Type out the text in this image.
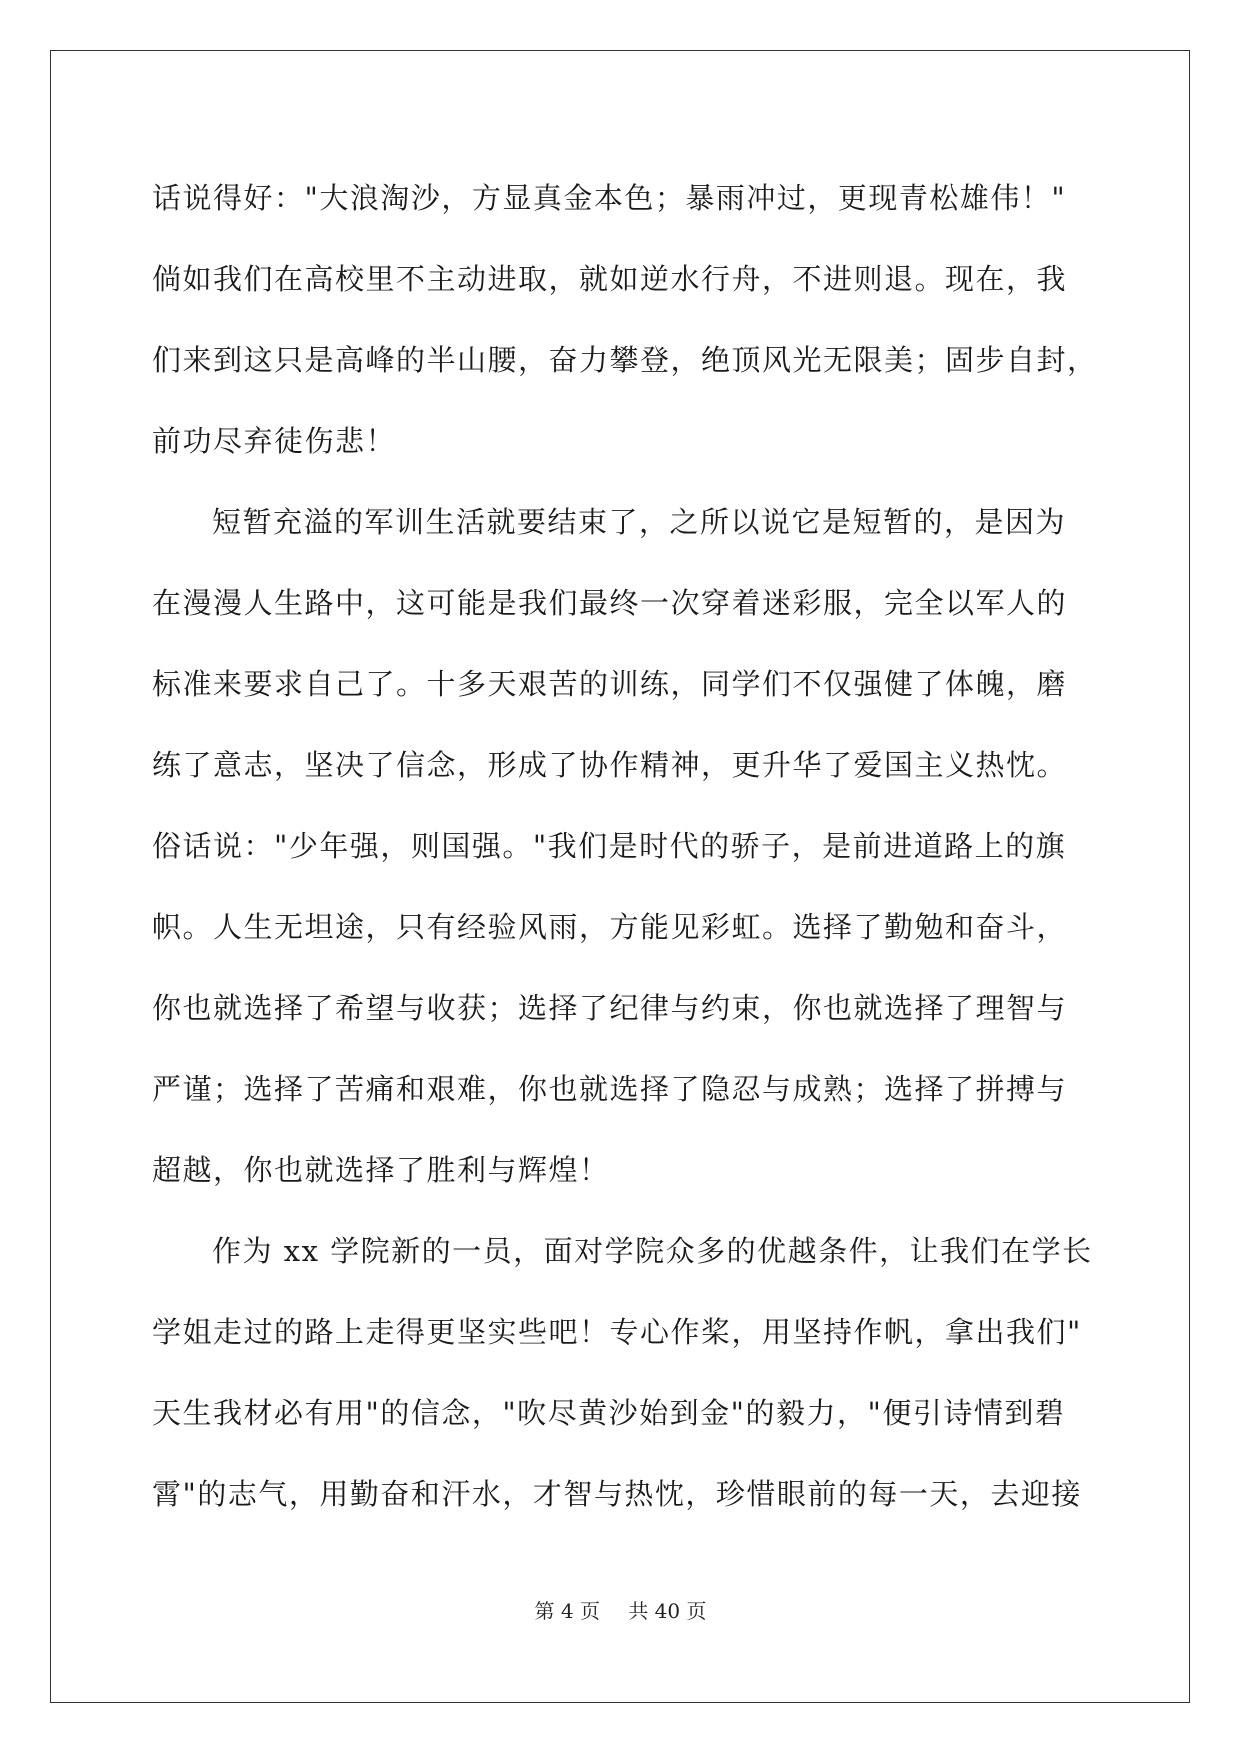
话说得好："大浪淘沙，方显真金本色；暴雨冲过，更现青松雄伟！"
倘如我们在高校里不主动进取，就如逆水行舟，不进则退。现在，我
们来到这只是高峰的半山腰，奋力攀登，绝顶风光无限美；固步自封，
前功尽弃徒伤悲！
短暂充溢的军训生活就要结束了，之所以说它是短暂的，是因为
在漫漫人生路中，这可能是我们最终一次穿着迷彩服，完全以军人的
标准来要求自己了。十多天艰苦的训练，同学们不仅强健了体魄，磨
练了意志，坚决了信念，形成了协作精神，更升华了爱国主义热忱。
俗话说："少年强，则国强。"我们是时代的骄子，是前进道路上的旗
帜。人生无坦途，只有经验风雨，方能见彩虹。选择了勤勉和奋斗，
你也就选择了希望与收获；选择了纪律与约束，你也就选择了理智与
严谨；选择了苦痛和艰难，你也就选择了隐忍与成熟；选择了拼搏与
超越，你也就选择了胜利与辉煌！
作为 xx 学院新的一员，面对学院众多的优越条件，让我们在学长
学姐走过的路上走得更坚实些吧！专心作桨，用坚持作帆，拿出我们"
天生我材必有用"的信念，"吹尽黄沙始到金"的毅力，"便引诗情到碧
霄"的志气，用勤奋和汗水，才智与热忱，珍惜眼前的每一天，去迎接
第 4 页 共 40 页
